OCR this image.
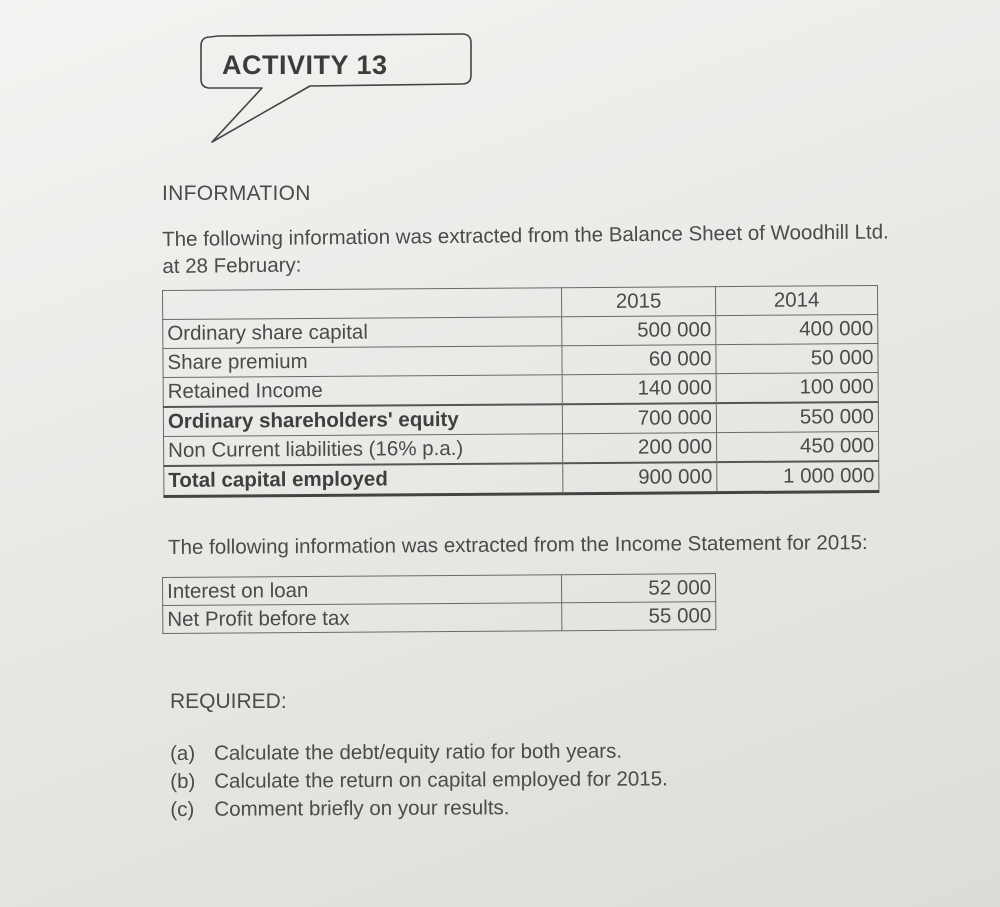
ACTIVITY 13
INFORMATION
The following information was extracted from the Balance Sheet of Woodhill Ltd.
at 28 February:
	2015	2014
Ordinary share capital	500 000	400 000
Share premium	60 000	50 000
Retained Income	140 000	100 000
Ordinary shareholders' equity	700 000	550 000
Non Current liabilities (16% p.a.)	200 000	450 000
Total capital employed	900 000	1 000 000
The following information was extracted from the Income Statement for 2015:
Interest on loan	52 000
Net Profit before tax	55 000
REQUIRED:
(a) Calculate the debt/equity ratio for both years.
(b) Calculate the return on capital employed for 2015.
(c) Comment briefly on your results.
